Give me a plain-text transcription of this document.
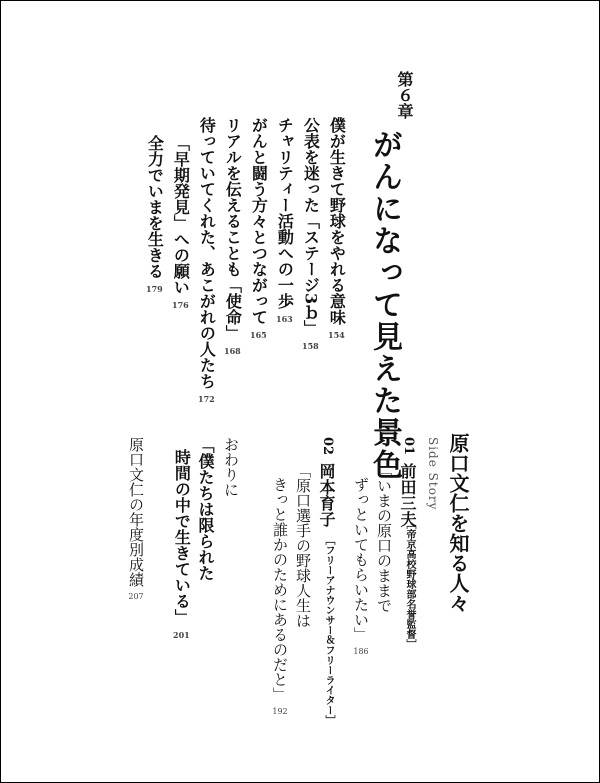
第６章
がんになって見えた景色
僕が生きて野球をやれる意味154
公表を迷った「ステージ3ｂ」158
チャリティー活動への一歩163
がんと闘う方々とつながって165
リアルを伝えることも「使命」168
待っていてくれた、あこがれの人たち172
「早期発見」への願い176
全力でいまを生きる179
原口文仁を知る人々
Side Story
01
前田三夫
［帝京高校野球部名誉監督］
「いまの原口のままで
ずっといてもらいたい」186
02
岡本育子
［フリーアナウンサー＆フリーライター］
「原口選手の野球人生は
きっと誰かのためにあるのだと」192
おわりに
「僕たちは限られた
時間の中で生きている」201
原口文仁の年度別成績207
